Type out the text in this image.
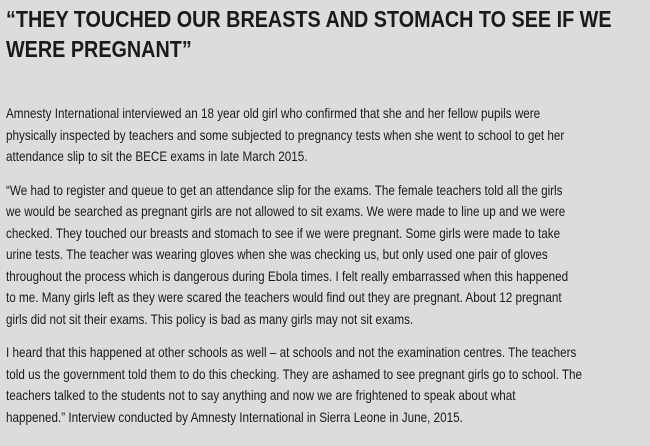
“THEY TOUCHED OUR BREASTS AND STOMACH TO SEE IF WE
WERE PREGNANT”

Amnesty International interviewed an 18 year old girl who confirmed that she and her fellow pupils were
physically inspected by teachers and some subjected to pregnancy tests when she went to school to get her
attendance slip to sit the BECE exams in late March 2015.

“We had to register and queue to get an attendance slip for the exams. The female teachers told all the girls
we would be searched as pregnant girls are not allowed to sit exams. We were made to line up and we were
checked. They touched our breasts and stomach to see if we were pregnant. Some girls were made to take
urine tests. The teacher was wearing gloves when she was checking us, but only used one pair of gloves
throughout the process which is dangerous during Ebola times. I felt really embarrassed when this happened
to me. Many girls left as they were scared the teachers would find out they are pregnant. About 12 pregnant
girls did not sit their exams. This policy is bad as many girls may not sit exams.

I heard that this happened at other schools as well – at schools and not the examination centres. The teachers
told us the government told them to do this checking. They are ashamed to see pregnant girls go to school. The
teachers talked to the students not to say anything and now we are frightened to speak about what
happened.” Interview conducted by Amnesty International in Sierra Leone in June, 2015.
